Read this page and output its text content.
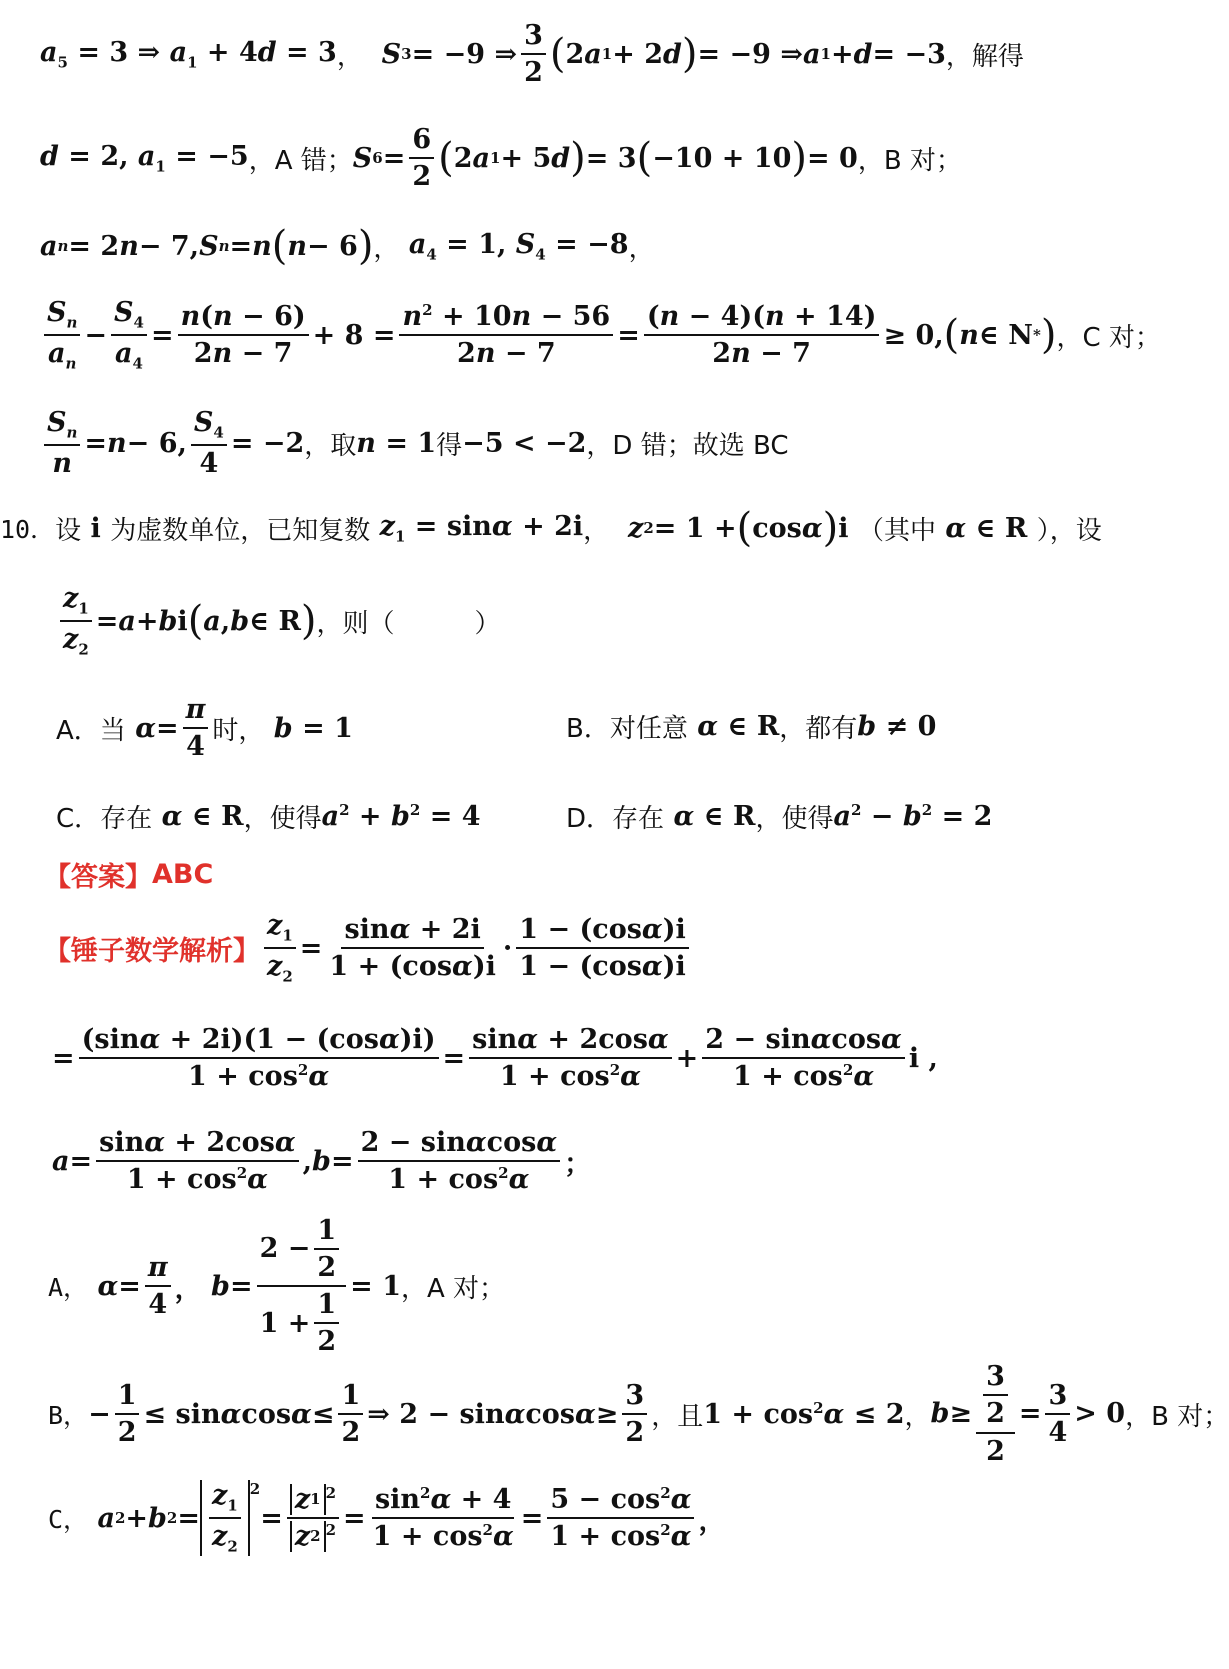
$a_5 = 3$ ⇒ $a_1 + 4d = 3$ ，
S 3 = −9 ⇒ $\frac{3}{2}$ ( 2 a 1 + 2 d ) = −9 ⇒ a 1 + d = −3 ，解得
d = 2, $a_1 = -5$ ，A 错； S $6 = \frac{6}{2}$ ( 2 a 1 + 5 d ) = 3 ( −10 + 10 ) = 0 ，B 对；
a n = 2 n − 7, S n = n ( n − 6 ) ， $a_4 = 1$, $S_4 = -8$ ，
$\frac{S_n}{a_n} - \frac{S_4}{a_4} = \frac{n(n - 6)}{2n - 7} + 8 = \frac{n^2 + 10n - 56}{2n - 7} = \frac{(n - 4)(n + 14)}{2n - 7} \ge 0$, ( n ∈ N * ) ，C 对；
$\frac{S_n}{n} = n - 6$, $\frac{S_4}{4} = -2$ ，取 n = 1 得 −5 < −2 ，D 错；故选 BC
10． 设 i 为虚数单位，已知复数 $z_1 = \sin\alpha + 2i$ ，
z 2 = 1 + ( cos α ) i （其中 α ∈ R ），设
$\frac{z_1}{z_2} = a + b$ i ( a , b ∈ R ) ，则（	）
A．当
$\alpha = \frac{\pi}{4}$ 时， b = 1	B．对任意 α ∈ R ，都有 b ≠ 0
C．存在 α ∈ R ，使得 $a^2 + b^2 = 4$	D．存在 α ∈ R ，使得 $a^2 - b^2 = 2$
【答案】 ABC
【锤子数学解析】 $\frac{z_1}{z_2} = \frac{\sin\alpha + 2i}{1 + (\cos\alpha)i} \cdot \frac{1 - (\cos\alpha)i}{1 - (\cos\alpha)i}$
= $\frac{(\sin\alpha + 2i)(1 - (\cos\alpha)i)}{1 + \cos^2\alpha} = \frac{\sin\alpha + 2\cos\alpha}{1 + \cos^2\alpha} + \frac{2 - \sin\alpha\cos\alpha}{1 + \cos^2\alpha}$ i ,
$a = \frac{\sin\alpha + 2\cos\alpha}{1 + \cos^2\alpha}$ , $b = \frac{2 - \sin\alpha\cos\alpha}{1 + \cos^2\alpha}$ ；
A，
$\alpha = \frac{\pi}{4}$ ，
$b = \frac{2 - \frac{1}{2}}{1 + \frac{1}{2}} = 1$ ，A 对；
B， − $\frac{1}{2} \le \sin \alpha$ $\cos \alpha \le \frac{1}{2}$ ⇒ 2 − sin α $\cos \alpha \ge \frac{3}{2}$ ，且 $1 + \cos^2\alpha \le 2$ ， $b \ge \frac{\frac{3}{2}}{2} = \frac{3}{4} > 0$ ，B 对；
C，
a 2 + b $2 = \frac{z_1}{z_2} ^2$
= $\frac{z 1 ^2}{z 2 ^2} = \frac{\sin^2\alpha + 4}{1 + \cos^2\alpha} = \frac{5 - \cos^2\alpha}{1 + \cos^2\alpha}$ ，
